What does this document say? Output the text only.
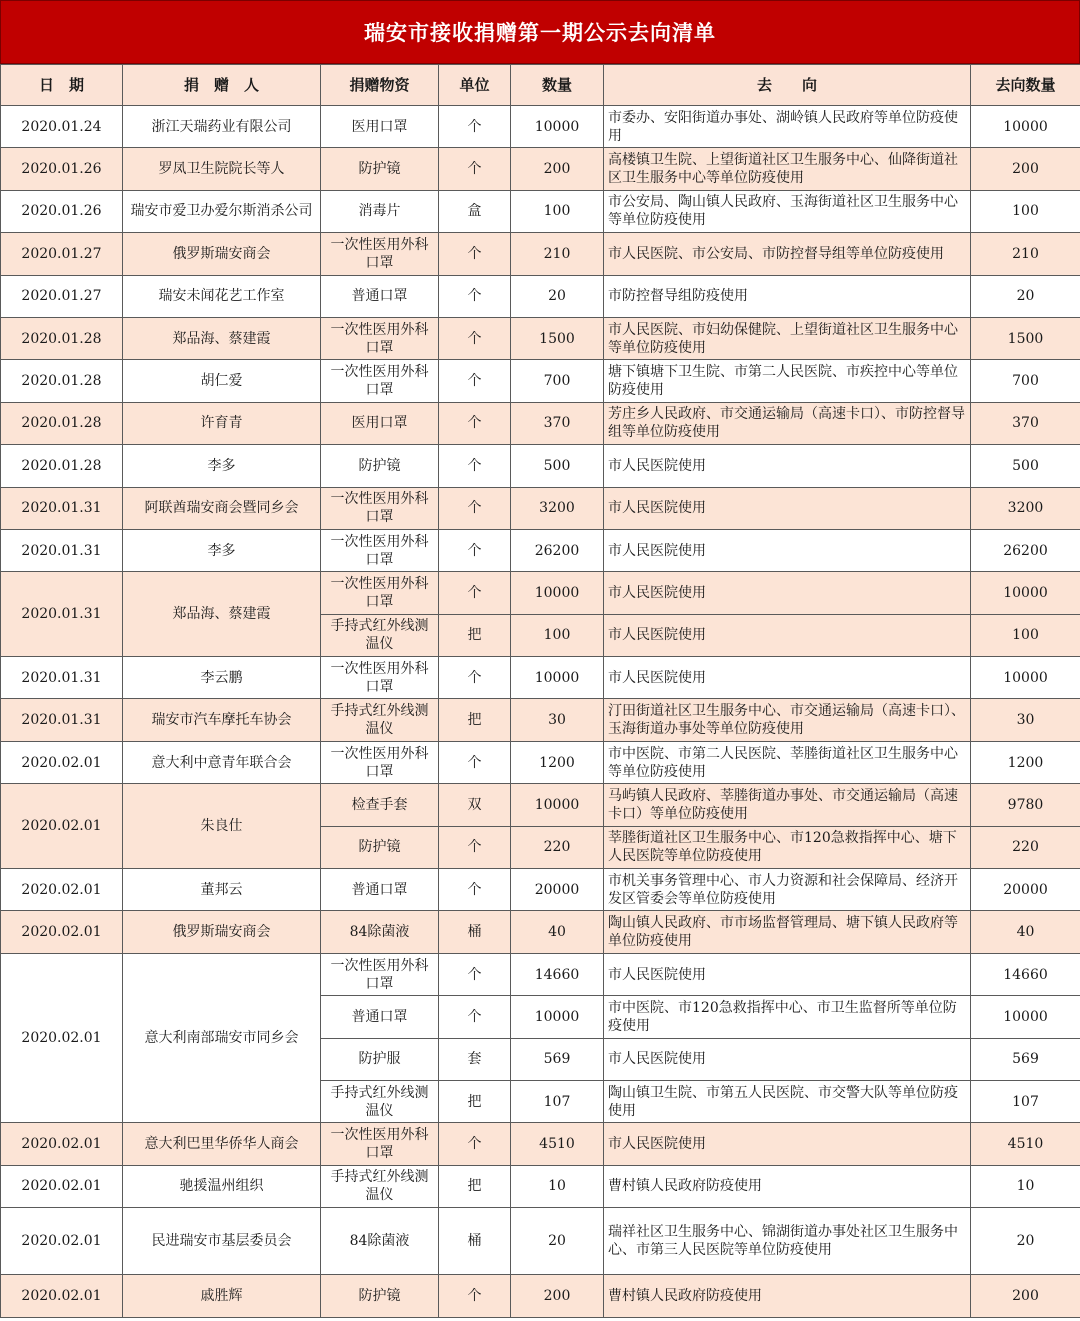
瑞安市接收捐赠第一期公示去向清单
日　期	捐　赠　人	捐赠物资	单位	数量	去　　向	去向数量
2020.01.24	浙江天瑞药业有限公司	医用口罩	个	10000	市委办、安阳街道办事处、湖岭镇人民政府等单位防疫使用	10000
2020.01.26	罗凤卫生院院长等人	防护镜	个	200	高楼镇卫生院、上望街道社区卫生服务中心、仙降街道社区卫生服务中心等单位防疫使用	200
2020.01.26	瑞安市爱卫办爱尔斯消杀公司	消毒片	盒	100	市公安局、陶山镇人民政府、玉海街道社区卫生服务中心等单位防疫使用	100
2020.01.27	俄罗斯瑞安商会	一次性医用外科口罩	个	210	市人民医院、市公安局、市防控督导组等单位防疫使用	210
2020.01.27	瑞安未闻花艺工作室	普通口罩	个	20	市防控督导组防疫使用	20
2020.01.28	郑品海、蔡建霞	一次性医用外科口罩	个	1500	市人民医院、市妇幼保健院、上望街道社区卫生服务中心等单位防疫使用	1500
2020.01.28	胡仁爱	一次性医用外科口罩	个	700	塘下镇塘下卫生院、市第二人民医院、市疾控中心等单位防疫使用	700
2020.01.28	许育青	医用口罩	个	370	芳庄乡人民政府、市交通运输局（高速卡口）、市防控督导组等单位防疫使用	370
2020.01.28	李多	防护镜	个	500	市人民医院使用	500
2020.01.31	阿联酋瑞安商会暨同乡会	一次性医用外科口罩	个	3200	市人民医院使用	3200
2020.01.31	李多	一次性医用外科口罩	个	26200	市人民医院使用	26200
2020.01.31	郑品海、蔡建霞	一次性医用外科口罩	个	10000	市人民医院使用	10000
		手持式红外线测温仪	把	100	市人民医院使用	100
2020.01.31	李云鹏	一次性医用外科口罩	个	10000	市人民医院使用	10000
2020.01.31	瑞安市汽车摩托车协会	手持式红外线测温仪	把	30	汀田街道社区卫生服务中心、市交通运输局（高速卡口）、玉海街道办事处等单位防疫使用	30
2020.02.01	意大利中意青年联合会	一次性医用外科口罩	个	1200	市中医院、市第二人民医院、莘塍街道社区卫生服务中心等单位防疫使用	1200
2020.02.01	朱良仕	检查手套	双	10000	马屿镇人民政府、莘塍街道办事处、市交通运输局（高速卡口）等单位防疫使用	9780
		防护镜	个	220	莘塍街道社区卫生服务中心、市120急救指挥中心、塘下人民医院等单位防疫使用	220
2020.02.01	董邦云	普通口罩	个	20000	市机关事务管理中心、市人力资源和社会保障局、经济开发区管委会等单位防疫使用	20000
2020.02.01	俄罗斯瑞安商会	84除菌液	桶	40	陶山镇人民政府、市市场监督管理局、塘下镇人民政府等单位防疫使用	40
2020.02.01	意大利南部瑞安市同乡会	一次性医用外科口罩	个	14660	市人民医院使用	14660
		普通口罩	个	10000	市中医院、市120急救指挥中心、市卫生监督所等单位防疫使用	10000
		防护服	套	569	市人民医院使用	569
		手持式红外线测温仪	把	107	陶山镇卫生院、市第五人民医院、市交警大队等单位防疫使用	107
2020.02.01	意大利巴里华侨华人商会	一次性医用外科口罩	个	4510	市人民医院使用	4510
2020.02.01	驰援温州组织	手持式红外线测温仪	把	10	曹村镇人民政府防疫使用	10
2020.02.01	民进瑞安市基层委员会	84除菌液	桶	20	瑞祥社区卫生服务中心、锦湖街道办事处社区卫生服务中心、市第三人民医院等单位防疫使用	20
2020.02.01	戚胜辉	防护镜	个	200	曹村镇人民政府防疫使用	200
